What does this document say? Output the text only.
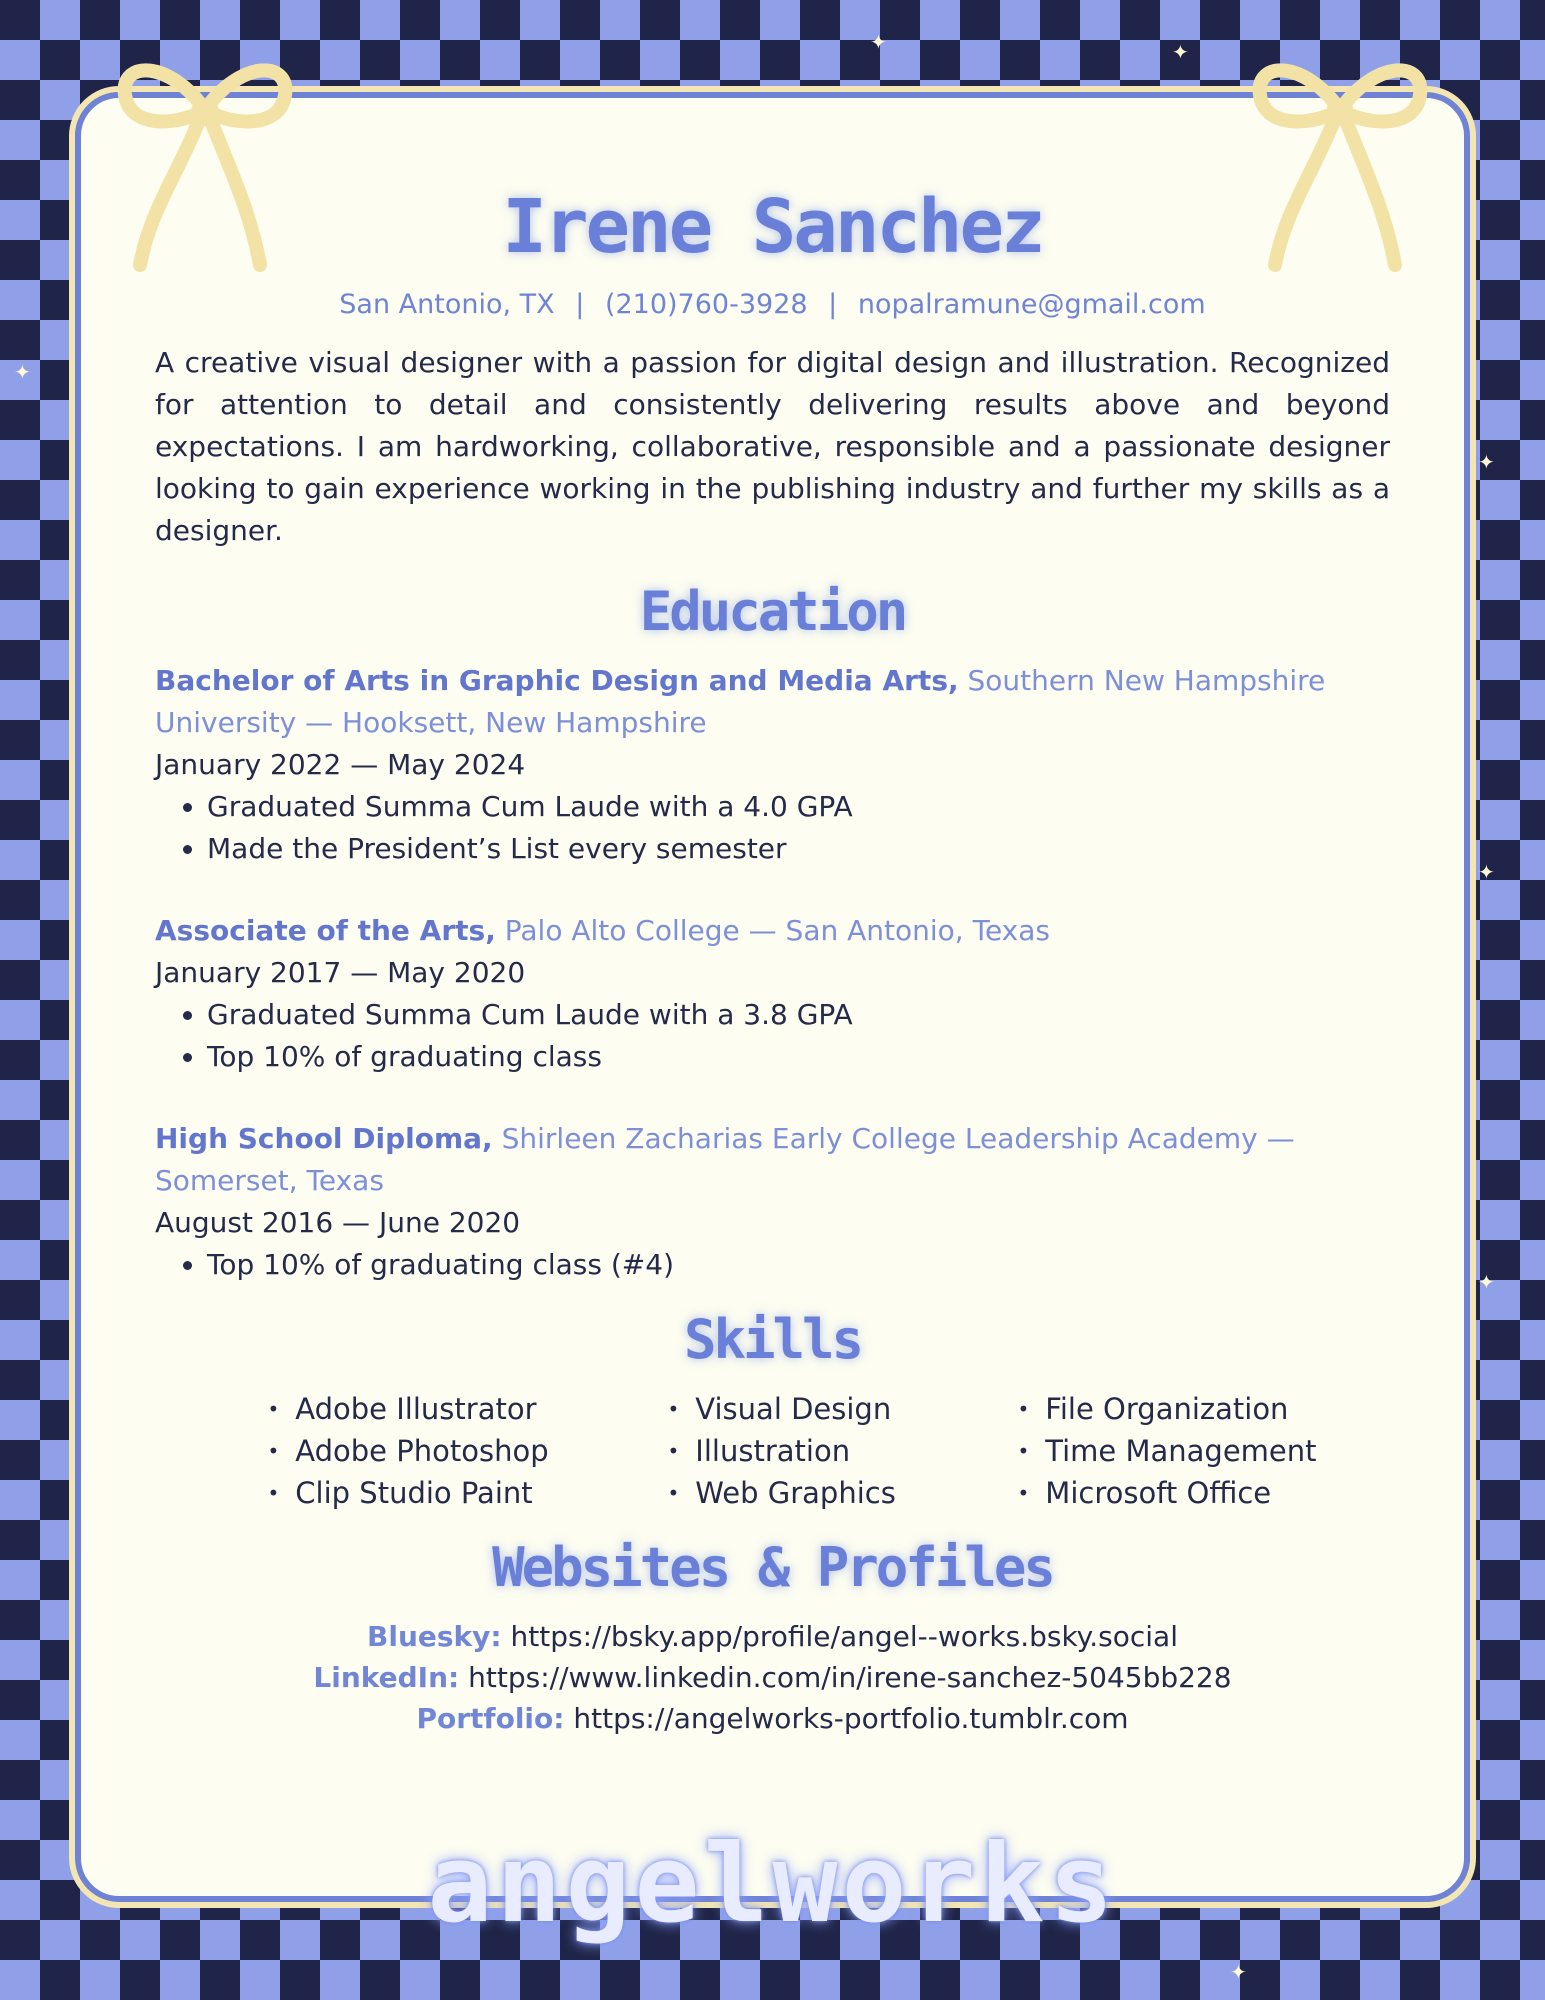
✦	✦
✦
✦
✦
✦
✦
Irene Sanchez
San Antonio, TX | (210)760-3928 | nopalramune@gmail.com

A creative visual designer with a passion for digital design and illustration. Recognized for attention to detail and consistently delivering results above and beyond expectations. I am hardworking, collaborative, responsible and a passionate designer looking to gain experience working in the publishing industry and further my skills as a designer.

Education
Bachelor of Arts in Graphic Design and Media Arts, Southern New Hampshire University — Hooksett, New Hampshire
January 2022 — May 2024
• Graduated Summa Cum Laude with a 4.0 GPA
• Made the President’s List every semester
Associate of the Arts, Palo Alto College — San Antonio, Texas
January 2017 — May 2020
• Graduated Summa Cum Laude with a 3.8 GPA
• Top 10% of graduating class
High School Diploma, Shirleen Zacharias Early College Leadership Academy — Somerset, Texas
August 2016 — June 2020
• Top 10% of graduating class (#4)
Skills
• Adobe Illustrator
• Adobe Photoshop
• Clip Studio Paint
• Visual Design
• Illustration
• Web Graphics
• File Organization
• Time Management
• Microsoft Office
Websites & Profiles
Bluesky: https://bsky.app/profile/angel--works.bsky.social
LinkedIn: https://www.linkedin.com/in/irene-sanchez-5045bb228
Portfolio: https://angelworks-portfolio.tumblr.com
angelworks
